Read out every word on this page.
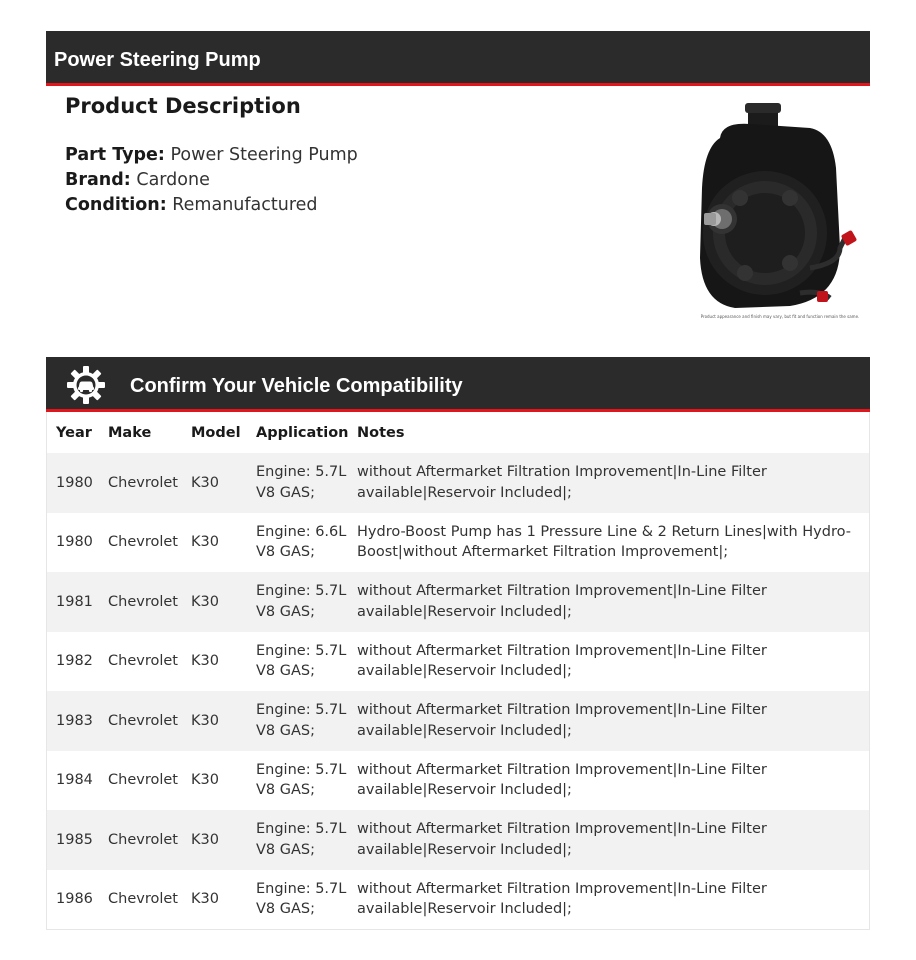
Power Steering Pump
Product Description
Part Type: Power Steering Pump
Brand: Cardone
Condition: Remanufactured
Product appearance and finish may vary, but fit and function remain the same.
Confirm Your Vehicle Compatibility
Year	Make	Model	Application	Notes
1980	Chevrolet	K30	Engine: 5.7L V8 GAS;	without Aftermarket Filtration Improvement|In-Line Filter available|Reservoir Included|;
1980	Chevrolet	K30	Engine: 6.6L V8 GAS;	Hydro-Boost Pump has 1 Pressure Line & 2 Return Lines|with Hydro-Boost|without Aftermarket Filtration Improvement|;
1981	Chevrolet	K30	Engine: 5.7L V8 GAS;	without Aftermarket Filtration Improvement|In-Line Filter available|Reservoir Included|;
1982	Chevrolet	K30	Engine: 5.7L V8 GAS;	without Aftermarket Filtration Improvement|In-Line Filter available|Reservoir Included|;
1983	Chevrolet	K30	Engine: 5.7L V8 GAS;	without Aftermarket Filtration Improvement|In-Line Filter available|Reservoir Included|;
1984	Chevrolet	K30	Engine: 5.7L V8 GAS;	without Aftermarket Filtration Improvement|In-Line Filter available|Reservoir Included|;
1985	Chevrolet	K30	Engine: 5.7L V8 GAS;	without Aftermarket Filtration Improvement|In-Line Filter available|Reservoir Included|;
1986	Chevrolet	K30	Engine: 5.7L V8 GAS;	without Aftermarket Filtration Improvement|In-Line Filter available|Reservoir Included|;
